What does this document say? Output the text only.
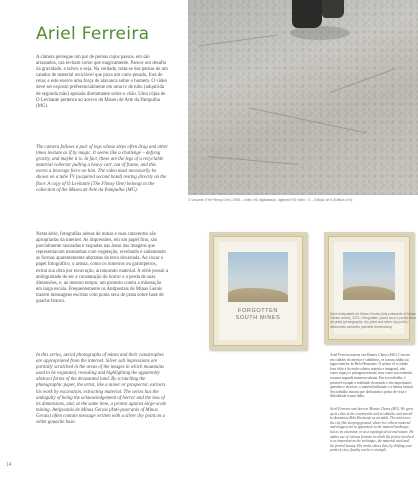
Ariel Ferreira

A câmera persegue um par de pernas cujos passos, em são arrastados, ora levitam como que magicamente. Parece um desafio da gravidade, e talvez o seja. Na verdade, trata-se das pernas de um catador de material reciclável que puxa um carro pesado, fora de cena; e este exerce uma força de alavanca sobre o homem. O vídeo deve ser exposto preferencialmente em uma tv de tubo (adquirida de segunda mão) apoiada diretamente sobre o chão. Uma cópia de O Levitante pertence ao acervo do Museu de Arte da Pampulha (MG).

The camera follows a pair of legs whose steps often drag and other times levitate as if by magic. It seems like a challenge – defying gravity, and maybe it is. In fact, these are the legs of a recyclable material collector pulling a heavy cart, out of frame, and this exerts a leverage force on him. The video must necessarily be shown on a tube TV (acquired second hand) resting directly on the floor. A copy of O Levitante (The Flimsy One) belongs to the collection of the Museu de Arte da Pampulha (MG).

Nesta série, fotografias aéreas de minas e suas cataventos são apropriadas da internet. As impressões, em um papel fino, são parcialmente rasuradas e raspadas nas áreas das imagens que representavam montanhas com vegetação, revelando e salientando as formas aparentemente abstratas da terra devastada. Ao riscar o papel fotográfico, o artista, como os mineiros ou garimpeiros, extrai sua obra por escavação, arrancando material. A série possui a ambiguidade de ser a constatação do horror e a perda de suas dimensões, e, ao mesmo tempo, um protesto contra a mineração em larga escala. Frequentemente os Antipostais de Minas Gerais trazem mensagens escritas com ponta seca de prata sobre base de guache branco.

In this series, aerial photographs of mines and their catastrophes are appropriated from the internet. Silver salt impressions are partially scratched in the areas of the images in which mountains used to be vegetated, revealing and highlighting the apparently abstract forms of the devastated land. By scratching the photographic paper, the artist, like a miner or prospector, extracts his work by excavation, extracting material. The series has the ambiguity of being the acknowledgement of horror and the loss of its dimensions, and, at the same time, a protest against large-scale mining. Antipostais de Minas Gerais (Anti-postcards of Minas Gerais) often contain message written with a silver dry point on a white gouache base.

14

O Levante (The Flimsy One), 2006 – vídeo HD digitalizado, digitized HD video / 3' – Edição de 5 (Edition of 5)

FORGOTTEN SOUTH MINES

Série Antipostais de Minas Gerais (Anti-postcards of Minas Gerais series), 2021 / fotografias, ponta seca e ponta seca de prata (photographs, dry point and silver dry point) / dimensões variáveis (variable dimensions)

Ariel Ferreira nasceu em Montes Claros (MG). Cresceu em cidades do interior e subúrbios, se tornou adulto na lagoa-interior de Belo Horizonte. O artista vê a cidade (seu chão e do onde coletou matéria e imagens), não como espaço e paisagem natural, mas como sua extensão, ou uma segunda natureza urbana. Em seu trabalho, é possível escapar a realidade do mundo e são importantes questões e técnicas, o material utilizado e a beleza formal. Seu trabalho mostra que dedicando o ponto de vista e dificuldade à uma linha.

Ariel Ferreira was born in Montes Claros (MG). He grew up in cities in the countryside and in suburbs, and moved to downtown Belo Horizonte as an adult. The artist sees the city (his sleeping ground, where he collects material and images) not in opposition to the natural landscape, but as its extension, or as a topological second nature. He makes use of various formats in which the poetry involved is as important as the technique, the material used and the formal beauty. His works shows that, by shifting your point of view, finality can be a strength.
